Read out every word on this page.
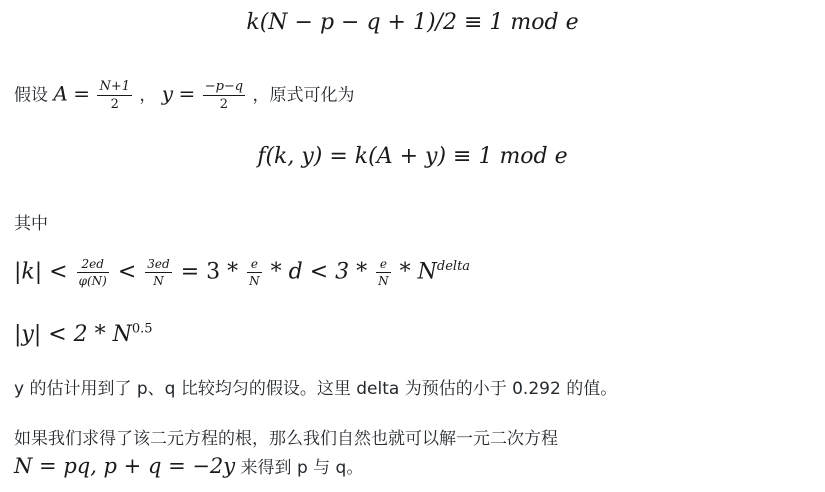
k(N − p − q + 1)/2 ≡ 1 mod e
假设 $A = \frac{N+1}{2}$ ， $y = \frac{-p-q}{2}$ ，原式可化为
f(k, y) = k(A + y) ≡ 1 mod e
其中
$|k| < \frac{2ed}{\varphi(N)} < \frac{3ed}{N} = 3 * \frac{e}{N} * d < 3 * \frac{e}{N} * N^{delta}$
$|y| < 2 * N^{0.5}$
y 的估计用到了 p、q 比较均匀的假设。这里 delta 为预估的小于 0.292 的值。
如果我们求得了该二元方程的根，那么我们自然也就可以解一元二次方程
N = pq, p + q = −2y 来得到 p 与 q。
